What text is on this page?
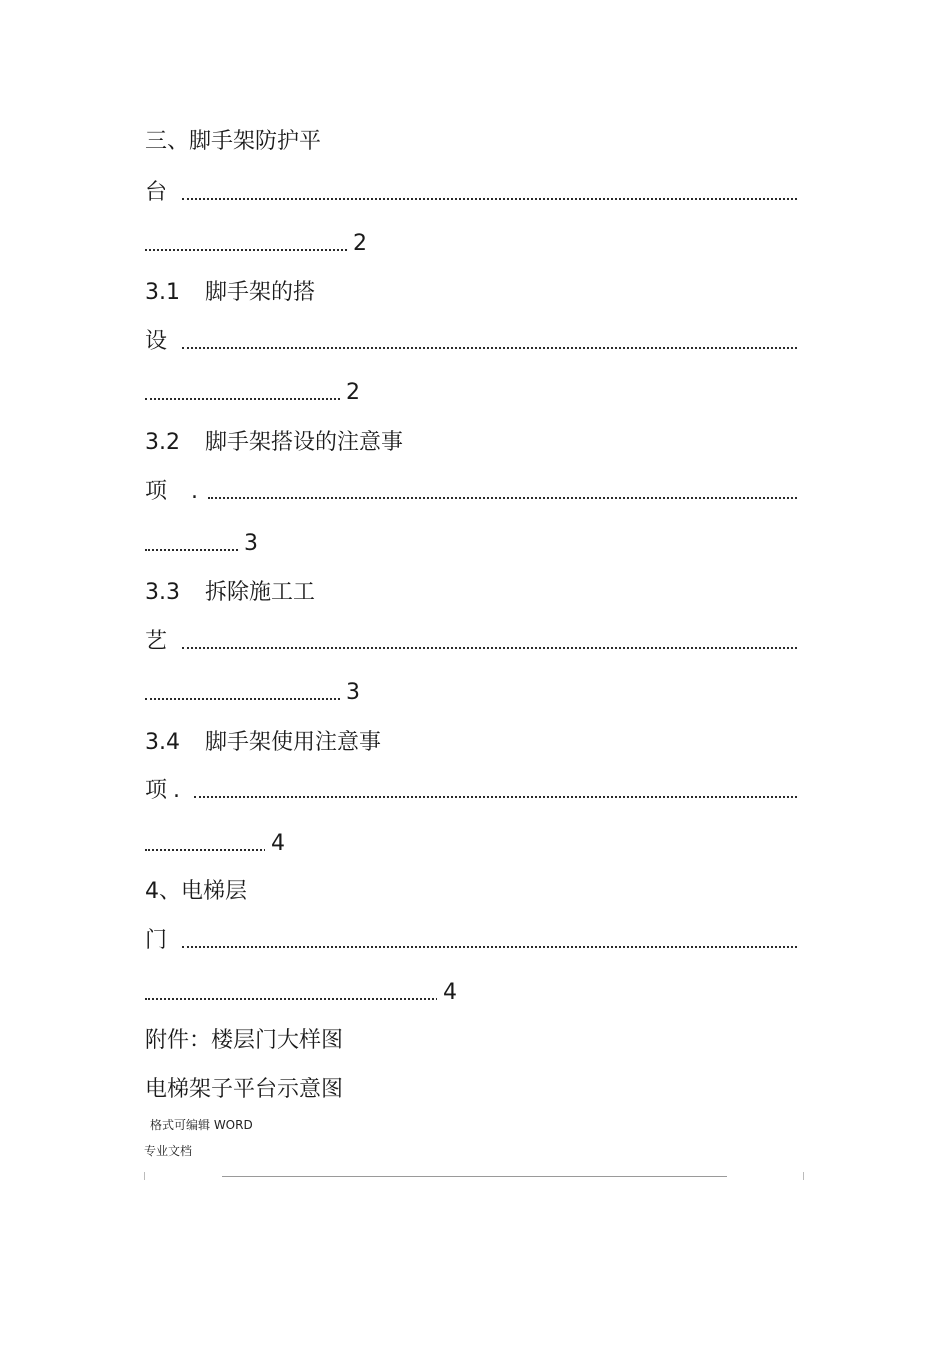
三、脚手架防护平
台
2
3.1 脚手架的搭
设
2
3.2 脚手架搭设的注意事
项 .
3
3.3 拆除施工工
艺
3
3.4 脚手架使用注意事
项 .
4
4、电梯层
门
4
附件：楼层门大样图
电梯架子平台示意图
格式可编辑 WORD
专业文档
